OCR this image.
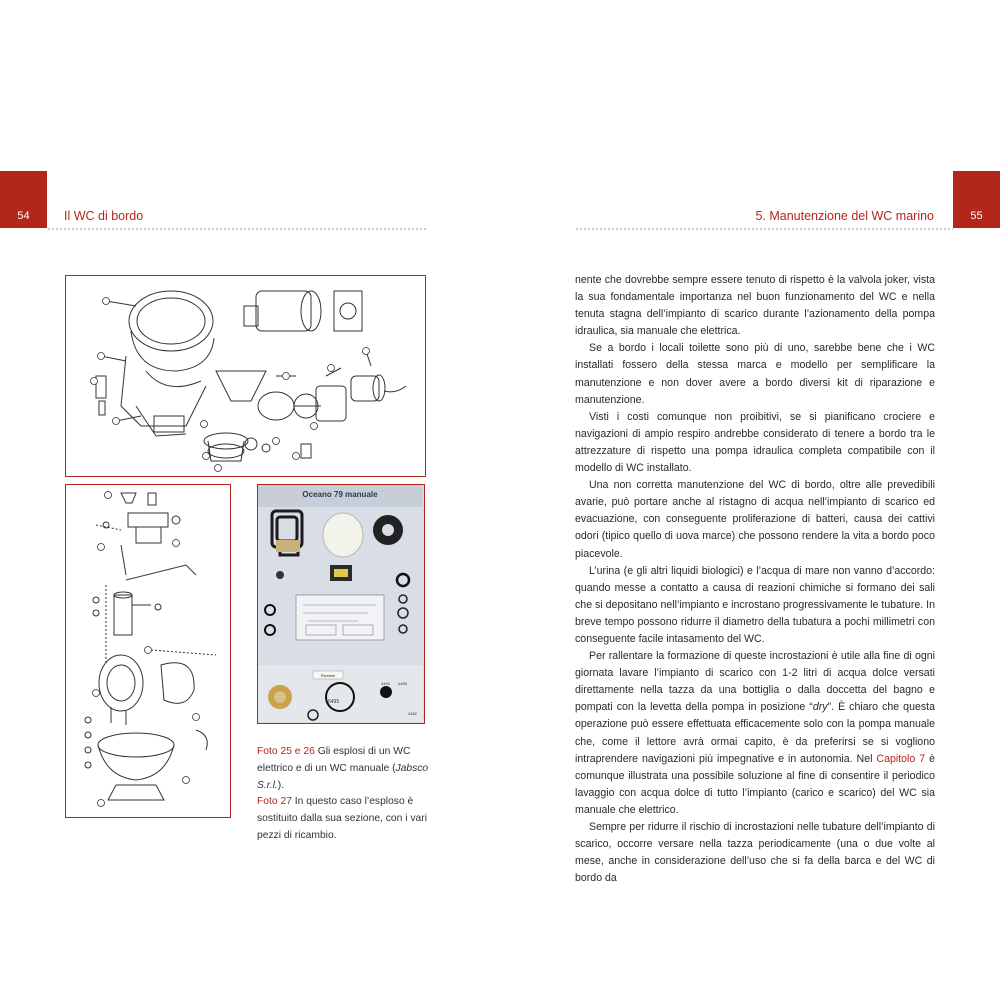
54	Il WC di bordo	55
5. Manutenzione del WC marino
Oceano 79 manuale
Ricambi
6495
4493 4486
4482
Foto 25 e 26 Gli esplosi di un WC elettrico e di un WC manuale (Jabsco S.r.l.).
Foto 27 In questo caso l’esploso è sostituito dalla sua sezione, con i vari pezzi di ricambio.

nente che dovrebbe sempre essere tenuto di rispetto è la valvola joker, vista la sua fondamentale importanza nel buon funzionamento del WC e nella tenuta stagna dell’impianto di scarico durante l’azionamento della pompa idraulica, sia manuale che elettrica.

Se a bordo i locali toilette sono più di uno, sarebbe bene che i WC installati fossero della stessa marca e modello per semplificare la manutenzione e non dover avere a bordo diversi kit di riparazione e manutenzione.

Visti i costi comunque non proibitivi, se si pianificano crociere e navigazioni di ampio respiro andrebbe considerato di tenere a bordo tra le attrezzature di rispetto una pompa idraulica completa compatibile con il modello di WC installato.

Una non corretta manutenzione del WC di bordo, oltre alle prevedibili avarie, può portare anche al ristagno di acqua nell’impianto di scarico ed evacuazione, con conseguente proliferazione di batteri, causa dei cattivi odori (tipico quello di uova marce) che possono rendere la vita a bordo poco piacevole.

L’urina (e gli altri liquidi biologici) e l’acqua di mare non vanno d’accordo: quando messe a contatto a causa di reazioni chimiche si formano dei sali che si depositano nell’impianto e incrostano progressivamente le tubature. In breve tempo possono ridurre il diametro della tubatura a pochi millimetri con conseguente facile intasamento del WC.

Per rallentare la formazione di queste incrostazioni è utile alla fine di ogni giornata lavare l’impianto di scarico con 1-2 litri di acqua dolce versati direttamente nella tazza da una bottiglia o dalla doccetta del bagno e pompati con la levetta della pompa in posizione “dry”. È chiaro che questa operazione può essere effettuata efficacemente solo con la pompa manuale che, come il lettore avrà ormai capito, è da preferirsi se si vogliono intraprendere navigazioni più impegnative e in autonomia. Nel Capitolo 7 è comunque illustrata una possibile soluzione al fine di consentire il periodico lavaggio con acqua dolce di tutto l’impianto (carico e scarico) del WC sia manuale che elettrico.

Sempre per ridurre il rischio di incrostazioni nelle tubature dell’impianto di scarico, occorre versare nella tazza periodicamente (una o due volte al mese, anche in considerazione dell’uso che si fa della barca e del WC di bordo da
